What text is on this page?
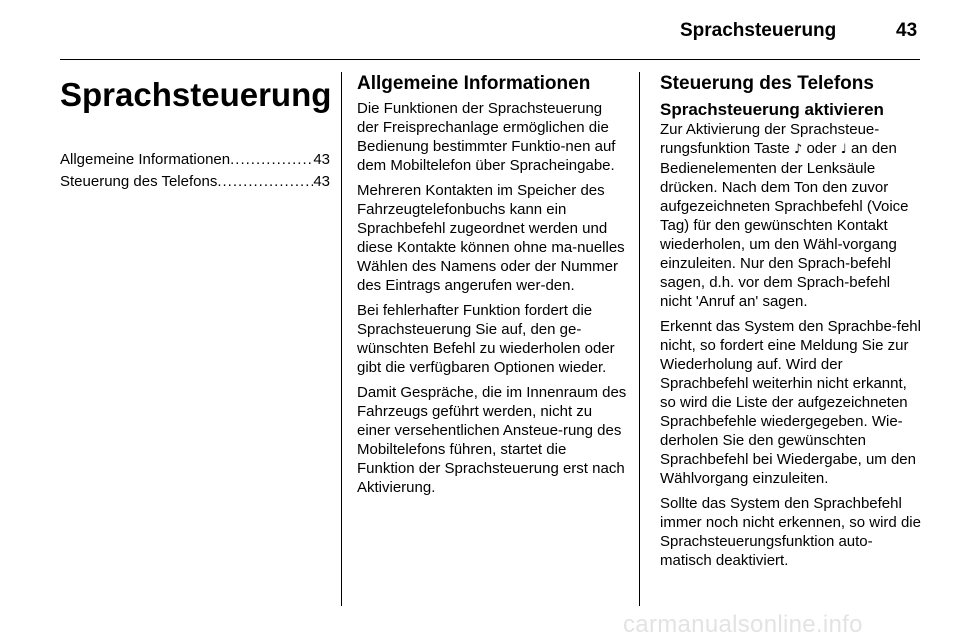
Sprachsteuerung	43
Sprachsteuerung
Allgemeine Informationen .....	43
Steuerung des Telefons .....	43
Allgemeine Informationen

Die Funktionen der Sprachsteuerung der Freisprechanlage ermöglichen die Bedienung bestimmter Funktio-nen auf dem Mobiltelefon über Spracheingabe.

Mehreren Kontakten im Speicher des Fahrzeugtelefonbuchs kann ein Sprachbefehl zugeordnet werden und diese Kontakte können ohne ma-nuelles Wählen des Namens oder der Nummer des Eintrags angerufen wer-den.

Bei fehlerhafter Funktion fordert die Sprachsteuerung Sie auf, den ge-wünschten Befehl zu wiederholen oder gibt die verfügbaren Optionen wieder.

Damit Gespräche, die im Innenraum des Fahrzeugs geführt werden, nicht zu einer versehentlichen Ansteue-rung des Mobiltelefons führen, startet die Funktion der Sprachsteuerung erst nach Aktivierung.

Steuerung des Telefons
Sprachsteuerung aktivieren

Zur Aktivierung der Sprachsteue-rungsfunktion Taste ♪ oder ♩ an den Bedienelementen der Lenksäule drücken. Nach dem Ton den zuvor aufgezeichneten Sprachbefehl (Voice Tag) für den gewünschten Kontakt wiederholen, um den Wähl-vorgang einzuleiten. Nur den Sprach-befehl sagen, d.h. vor dem Sprach-befehl nicht 'Anruf an' sagen.

Erkennt das System den Sprachbe-fehl nicht, so fordert eine Meldung Sie zur Wiederholung auf. Wird der Sprachbefehl weiterhin nicht erkannt, so wird die Liste der aufgezeichneten Sprachbefehle wiedergegeben. Wie-derholen Sie den gewünschten Sprachbefehl bei Wiedergabe, um den Wählvorgang einzuleiten.

Sollte das System den Sprachbefehl immer noch nicht erkennen, so wird die Sprachsteuerungsfunktion auto-matisch deaktiviert.

carmanualsonline.info
